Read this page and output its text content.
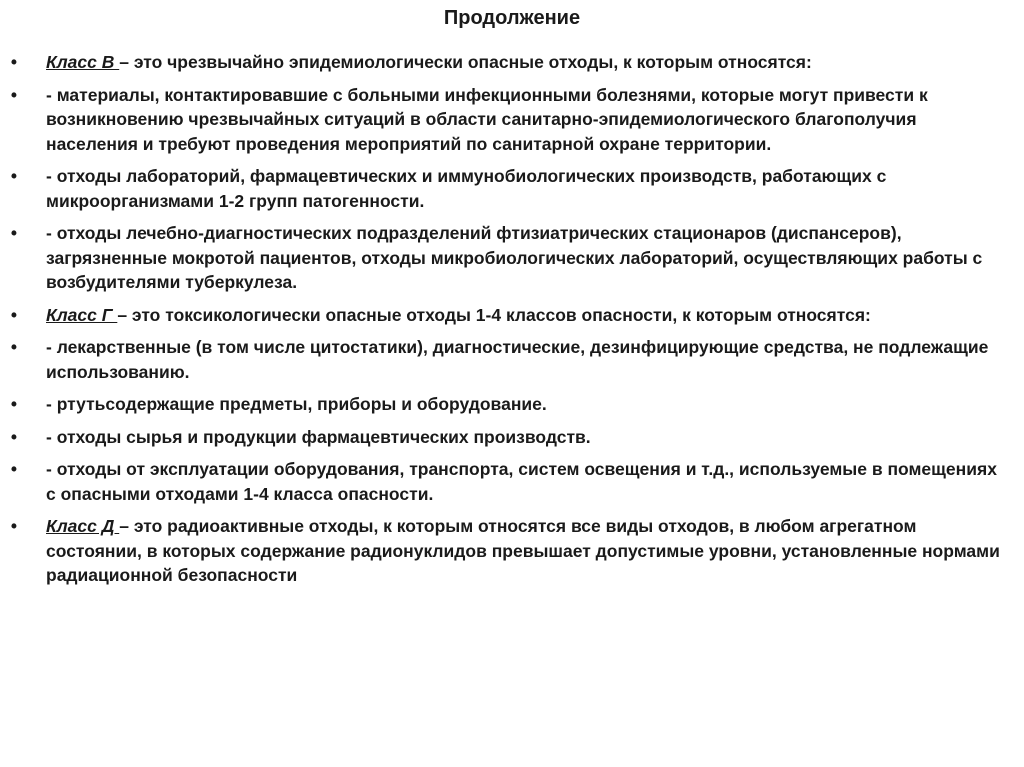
Продолжение
• Класс В – это чрезвычайно эпидемиологически опасные отходы, к которым относятся:
• - материалы, контактировавшие с больными инфекционными болезнями, которые могут привести к возникновению чрезвычайных ситуаций в области санитарно-эпидемиологического благополучия населения и требуют проведения мероприятий по санитарной охране территории.
• - отходы лабораторий, фармацевтических и иммунобиологических производств, работающих с микроорганизмами 1-2 групп патогенности.
• - отходы лечебно-диагностических подразделений фтизиатрических стационаров (диспансеров), загрязненные мокротой пациентов, отходы микробиологических лабораторий, осуществляющих работы с возбудителями туберкулеза.
• Класс Г – это токсикологически опасные отходы 1-4 классов опасности, к которым относятся:
• - лекарственные (в том числе цитостатики), диагностические, дезинфицирующие средства, не подлежащие использованию.
• - ртутьсодержащие предметы, приборы и оборудование.
• - отходы сырья и продукции фармацевтических производств.
• - отходы от эксплуатации оборудования, транспорта, систем освещения и т.д., используемые в помещениях с опасными отходами 1-4 класса опасности.
• Класс Д – это радиоактивные отходы, к которым относятся все виды отходов, в любом агрегатном состоянии, в которых содержание радионуклидов превышает допустимые уровни, установленные нормами радиационной безопасности
